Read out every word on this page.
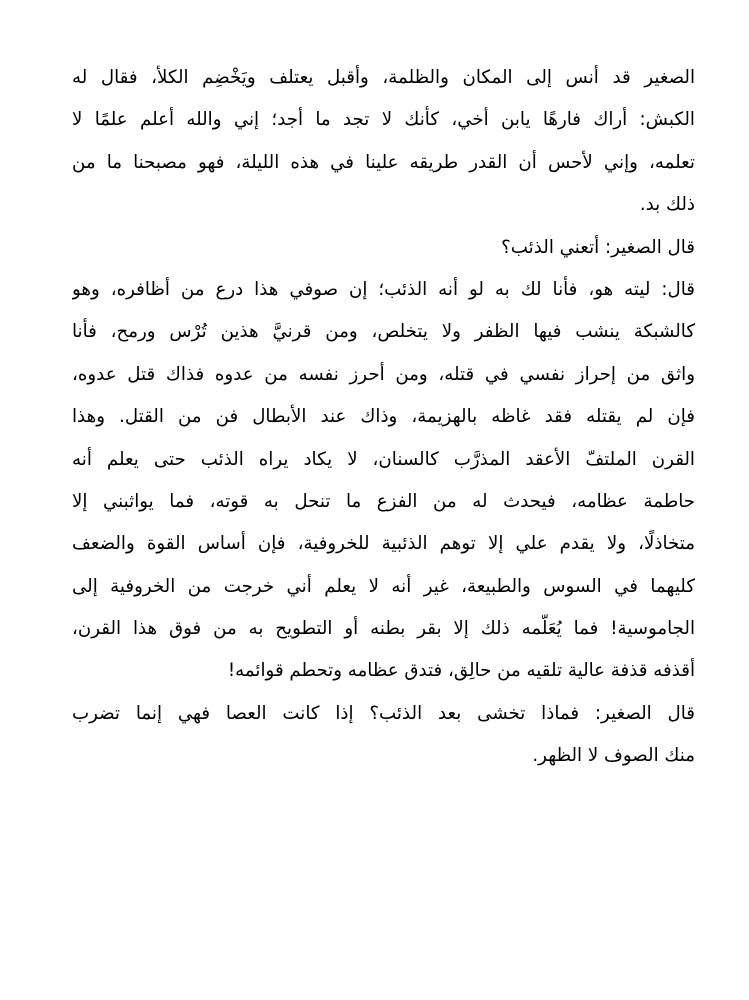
الصغير قد أنس إلى المكان والظلمة، وأقبل يعتلف ويَخْضِم الكلأ، فقال له
الكبش: أراك فارهًا يابن أخي، كأنك لا تجد ما أجد؛ إني والله أعلم علمًا لا
تعلمه، وإني لأحس أن القدر طريقه علينا في هذه الليلة، فهو مصبحنا ما من
ذلك بد.
قال الصغير: أتعني الذئب؟
قال: ليته هو، فأنا لك به لو أنه الذئب؛ إن صوفي هذا درع من أظافره، وهو
كالشبكة ينشب فيها الظفر ولا يتخلص، ومن قرنيَّ هذين تُرْس ورمح، فأنا
واثق من إحراز نفسي في قتله، ومن أحرز نفسه من عدوه فذاك قتل عدوه،
فإن لم يقتله فقد غاظه بالهزيمة، وذاك عند الأبطال فن من القتل. وهذا
القرن الملتفّ الأعقد المذرَّب كالسنان، لا يكاد يراه الذئب حتى يعلم أنه
حاطمة عظامه، فيحدث له من الفزع ما تنحل به قوته، فما يواثبني إلا
متخاذلًا، ولا يقدم علي إلا توهم الذئبية للخروفية، فإن أساس القوة والضعف
كليهما في السوس والطبيعة، غير أنه لا يعلم أني خرجت من الخروفية إلى
الجاموسية! فما يُعَلّمه ذلك إلا بقر بطنه أو التطويح به من فوق هذا القرن،
أقذفه قذفة عالية تلقيه من حالِق، فتدق عظامه وتحطم قوائمه!
قال الصغير: فماذا تخشى بعد الذئب؟ إذا كانت العصا فهي إنما تضرب
منك الصوف لا الظهر.
